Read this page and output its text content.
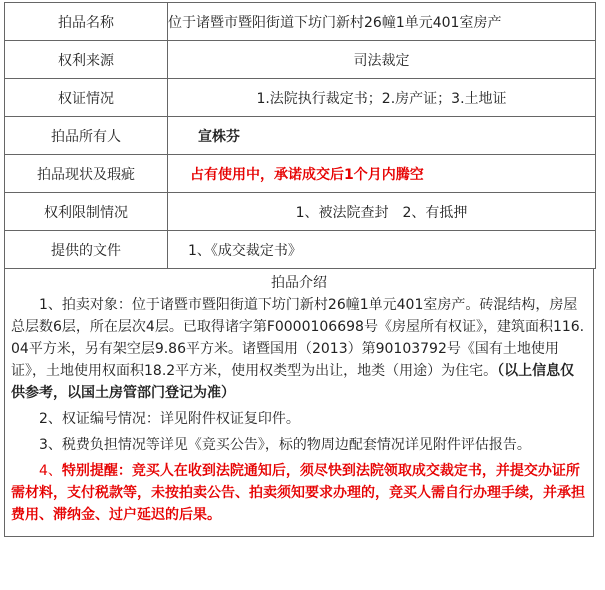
拍品名称	位于诸暨市暨阳街道下坊门新村26幢1单元401室房产
权利来源	司法裁定
权证情况	1.法院执行裁定书；2.房产证；3.土地证
拍品所有人	宣株芬
拍品现状及瑕疵	占有使用中，承诺成交后1个月内腾空
权利限制情况	1、被法院查封　2、有抵押
提供的文件	1、《成交裁定书》
拍品介绍

1、拍卖对象：位于诸暨市暨阳街道下坊门新村26幢1单元401室房产。砖混结构，房屋总层数6层，所在层次4层。已取得诸字第F0000106698号《房屋所有权证》，建筑面积116.04平方米，另有架空层9.86平方米。诸暨国用（2013）第90103792号《国有土地使用证》，土地使用权面积18.2平方米，使用权类型为出让，地类（用途）为住宅。（以上信息仅供参考，以国土房管部门登记为准）

2、权证编号情况：详见附件权证复印件。

3、税费负担情况等详见《竞买公告》，标的物周边配套情况详见附件评估报告。

4、特别提醒：竞买人在收到法院通知后，须尽快到法院领取成交裁定书，并提交办证所需材料，支付税款等，未按拍卖公告、拍卖须知要求办理的，竞买人需自行办理手续，并承担费用、滞纳金、过户延迟的后果。
